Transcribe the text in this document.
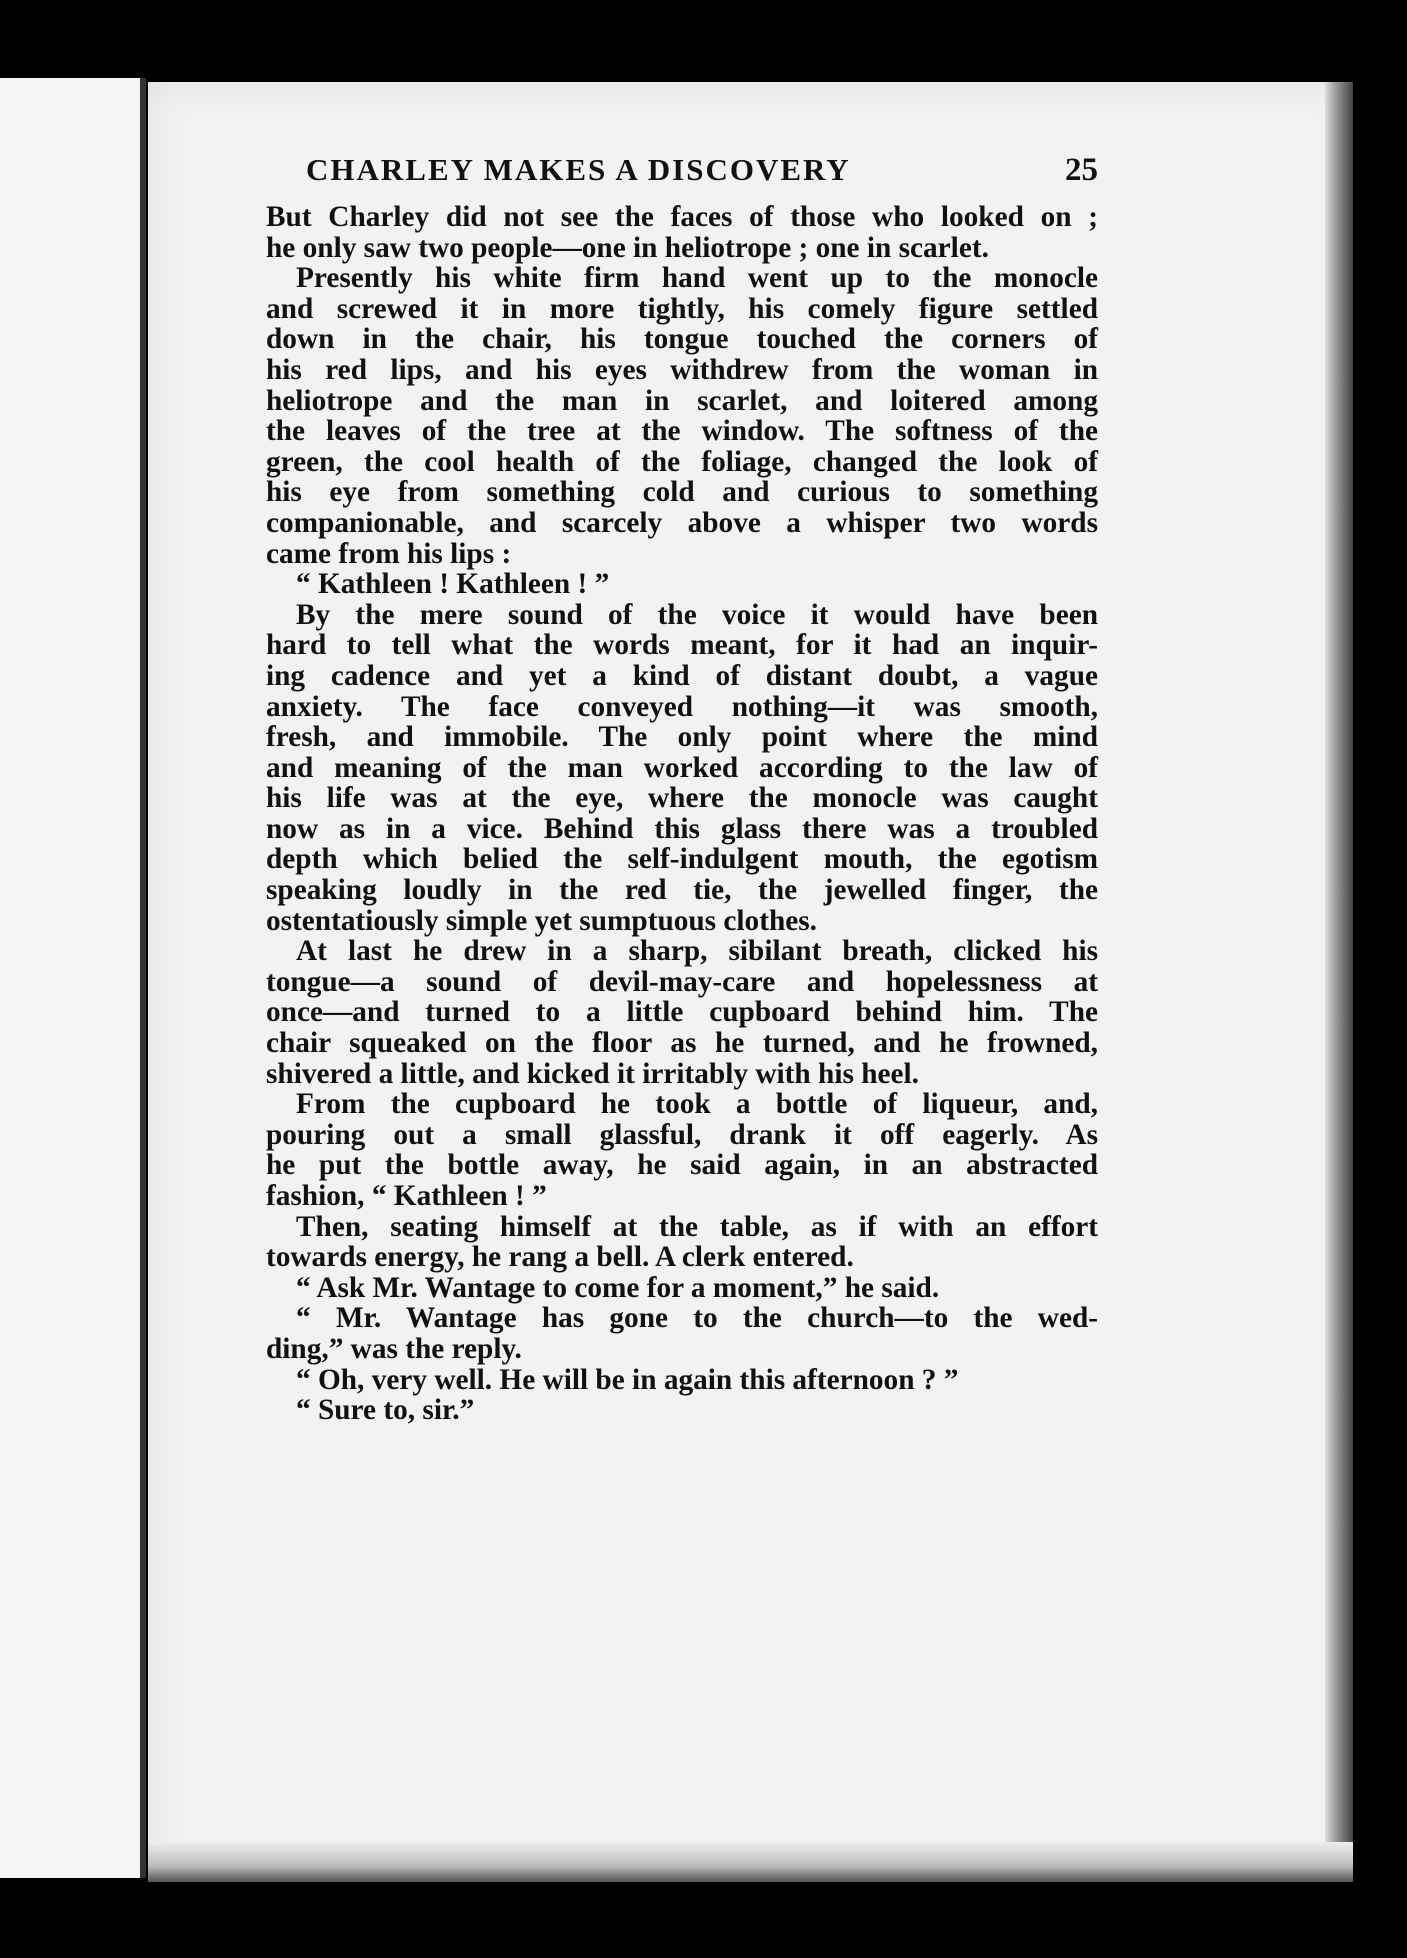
CHARLEY MAKES A DISCOVERY	25

But Charley did not see the faces of those who looked on ;
he only saw two people—one in heliotrope ; one in scarlet.

Presently his white firm hand went up to the monocle
and screwed it in more tightly, his comely figure settled
down in the chair, his tongue touched the corners of
his red lips, and his eyes withdrew from the woman in
heliotrope and the man in scarlet, and loitered among
the leaves of the tree at the window. The softness of the
green, the cool health of the foliage, changed the look of
his eye from something cold and curious to something
companionable, and scarcely above a whisper two words
came from his lips :

“ Kathleen ! Kathleen ! ”

By the mere sound of the voice it would have been
hard to tell what the words meant, for it had an inquir-
ing cadence and yet a kind of distant doubt, a vague
anxiety. The face conveyed nothing—it was smooth,
fresh, and immobile. The only point where the mind
and meaning of the man worked according to the law of
his life was at the eye, where the monocle was caught
now as in a vice. Behind this glass there was a troubled
depth which belied the self-indulgent mouth, the egotism
speaking loudly in the red tie, the jewelled finger, the
ostentatiously simple yet sumptuous clothes.

At last he drew in a sharp, sibilant breath, clicked his
tongue—a sound of devil-may-care and hopelessness at
once—and turned to a little cupboard behind him. The
chair squeaked on the floor as he turned, and he frowned,
shivered a little, and kicked it irritably with his heel.

From the cupboard he took a bottle of liqueur, and,
pouring out a small glassful, drank it off eagerly. As
he put the bottle away, he said again, in an abstracted
fashion, “ Kathleen ! ”

Then, seating himself at the table, as if with an effort
towards energy, he rang a bell. A clerk entered.

“ Ask Mr. Wantage to come for a moment,” he said.

“ Mr. Wantage has gone to the church—to the wed-
ding,” was the reply.

“ Oh, very well. He will be in again this afternoon ? ”

“ Sure to, sir.”
